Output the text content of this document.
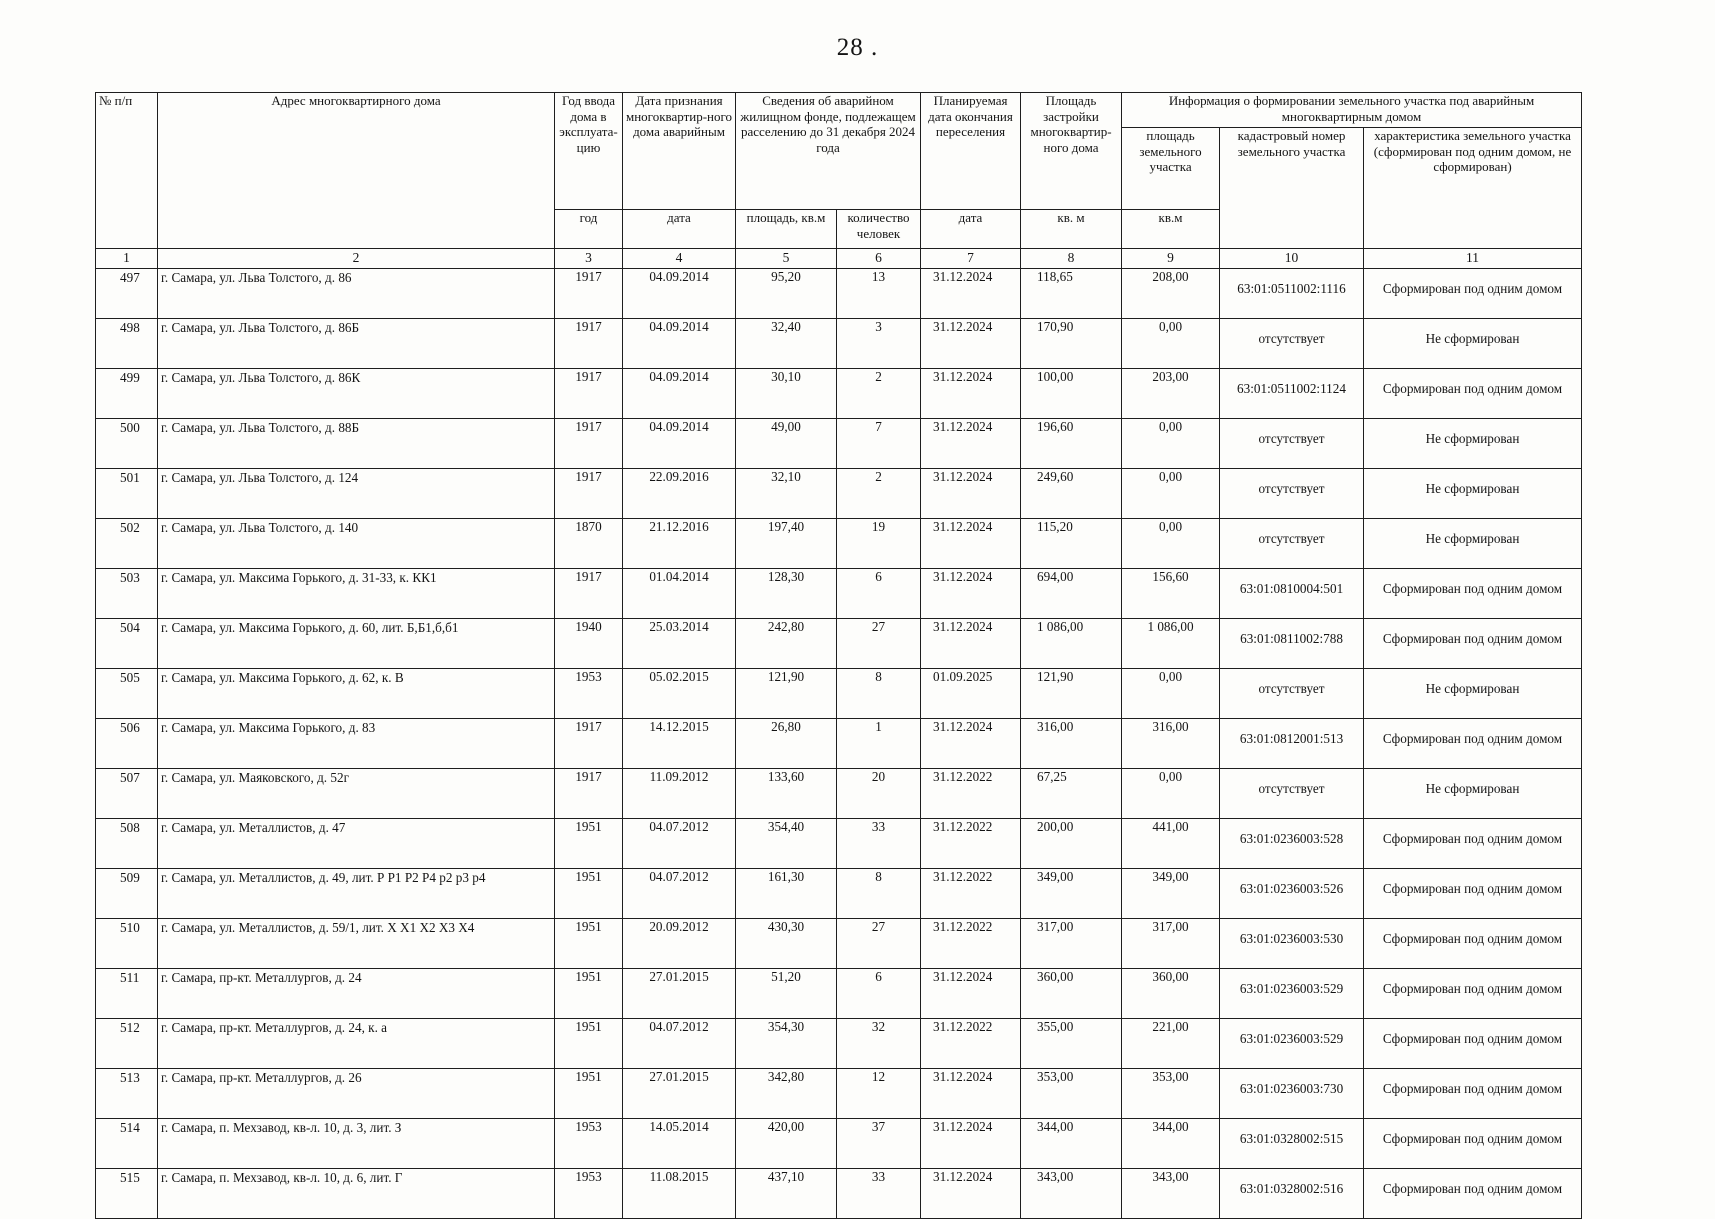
28 .
№ п/п	Адрес многоквартирного дома	Год ввода дома в эксплуата-цию	Дата признания многоквартир-ного дома аварийным	Сведения об аварийном жилищном фонде, подлежащем расселению до 31 декабря 2024 года		Планируемая дата окончания переселения	Площадь застройки многоквартир-ного дома	Информация о формировании земельного участка под аварийным многоквартирным домом		
								площадь земельного участка	кадастровый номер земельного участка	характеристика земельного участка (сформирован под одним домом, не сформирован)
		год	дата	площадь, кв.м	количество человек	дата	кв. м	кв.м		
1	2	3	4	5	6	7	8	9	10	11
497	г. Самара, ул. Льва Толстого, д. 86	1917	04.09.2014	95,20	13	31.12.2024	118,65	208,00	63:01:0511002:1116	Сформирован под одним домом
498	г. Самара, ул. Льва Толстого, д. 86Б	1917	04.09.2014	32,40	3	31.12.2024	170,90	0,00	отсутствует	Не сформирован
499	г. Самара, ул. Льва Толстого, д. 86К	1917	04.09.2014	30,10	2	31.12.2024	100,00	203,00	63:01:0511002:1124	Сформирован под одним домом
500	г. Самара, ул. Льва Толстого, д. 88Б	1917	04.09.2014	49,00	7	31.12.2024	196,60	0,00	отсутствует	Не сформирован
501	г. Самара, ул. Льва Толстого, д. 124	1917	22.09.2016	32,10	2	31.12.2024	249,60	0,00	отсутствует	Не сформирован
502	г. Самара, ул. Льва Толстого, д. 140	1870	21.12.2016	197,40	19	31.12.2024	115,20	0,00	отсутствует	Не сформирован
503	г. Самара, ул. Максима Горького, д. 31-33, к. КК1	1917	01.04.2014	128,30	6	31.12.2024	694,00	156,60	63:01:0810004:501	Сформирован под одним домом
504	г. Самара, ул. Максима Горького, д. 60, лит. Б,Б1,б,б1	1940	25.03.2014	242,80	27	31.12.2024	1 086,00	1 086,00	63:01:0811002:788	Сформирован под одним домом
505	г. Самара, ул. Максима Горького, д. 62, к. В	1953	05.02.2015	121,90	8	01.09.2025	121,90	0,00	отсутствует	Не сформирован
506	г. Самара, ул. Максима Горького, д. 83	1917	14.12.2015	26,80	1	31.12.2024	316,00	316,00	63:01:0812001:513	Сформирован под одним домом
507	г. Самара, ул. Маяковского, д. 52г	1917	11.09.2012	133,60	20	31.12.2022	67,25	0,00	отсутствует	Не сформирован
508	г. Самара, ул. Металлистов, д. 47	1951	04.07.2012	354,40	33	31.12.2022	200,00	441,00	63:01:0236003:528	Сформирован под одним домом
509	г. Самара, ул. Металлистов, д. 49, лит. Р Р1 Р2 Р4 р2 р3 р4	1951	04.07.2012	161,30	8	31.12.2022	349,00	349,00	63:01:0236003:526	Сформирован под одним домом
510	г. Самара, ул. Металлистов, д. 59/1, лит. Х Х1 Х2 Х3 Х4	1951	20.09.2012	430,30	27	31.12.2022	317,00	317,00	63:01:0236003:530	Сформирован под одним домом
511	г. Самара, пр-кт. Металлургов, д. 24	1951	27.01.2015	51,20	6	31.12.2024	360,00	360,00	63:01:0236003:529	Сформирован под одним домом
512	г. Самара, пр-кт. Металлургов, д. 24, к. а	1951	04.07.2012	354,30	32	31.12.2022	355,00	221,00	63:01:0236003:529	Сформирован под одним домом
513	г. Самара, пр-кт. Металлургов, д. 26	1951	27.01.2015	342,80	12	31.12.2024	353,00	353,00	63:01:0236003:730	Сформирован под одним домом
514	г. Самара, п. Мехзавод, кв-л. 10, д. 3, лит. З	1953	14.05.2014	420,00	37	31.12.2024	344,00	344,00	63:01:0328002:515	Сформирован под одним домом
515	г. Самара, п. Мехзавод, кв-л. 10, д. 6, лит. Г	1953	11.08.2015	437,10	33	31.12.2024	343,00	343,00	63:01:0328002:516	Сформирован под одним домом
